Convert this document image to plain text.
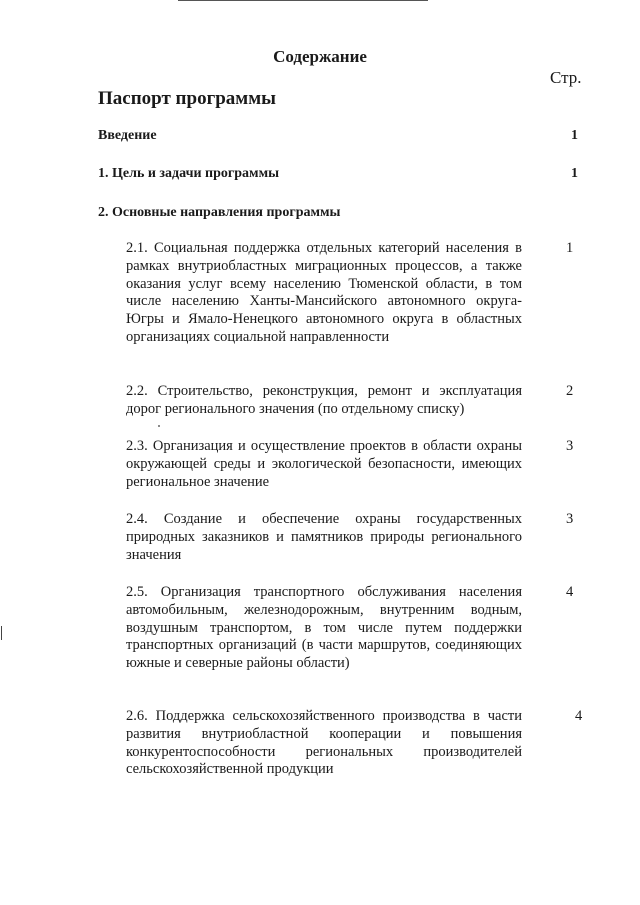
Содержание
Стр.
Паспорт программы
Введение	1
1. Цель и задачи программы	1
2. Основные направления программы
2.1. Социальная поддержка отдельных категорий населения в рамках внутриобластных миграционных процессов, а также оказания услуг всему населению Тюменской области, в том числе населению Ханты-Мансийского автономного округа-Югры и Ямало-Ненецкого автономного округа в областных организациях социальной направленности
1
2.2. Строительство, реконструкция, ремонт и эксплуатация дорог регионального значения (по отдельному списку)
2
2.3. Организация и осуществление проектов в области охраны окружающей среды и экологической безопасности, имеющих региональное значение
3
2.4. Создание и обеспечение охраны государственных природных заказников и памятников природы регионального значения
3
2.5. Организация транспортного обслуживания населения автомобильным, железнодорожным, внутренним водным, воздушным транспортом, в том числе путем поддержки транспортных организаций (в части маршрутов, соединяющих южные и северные районы области)
4
2.6. Поддержка сельскохозяйственного производства в части развития внутриобластной кооперации и повышения конкурентоспособности региональных производителей сельскохозяйственной продукции
4
